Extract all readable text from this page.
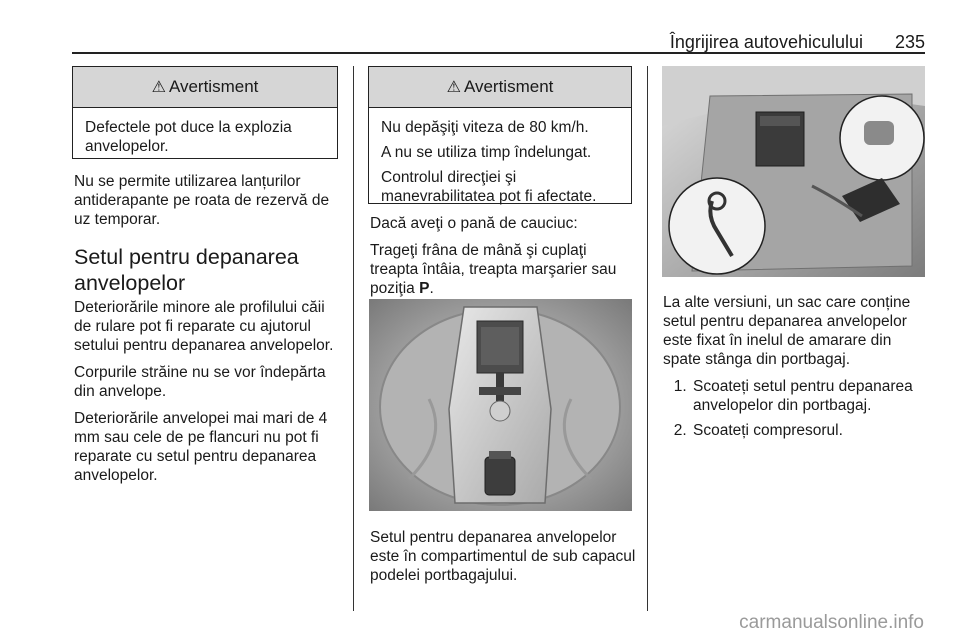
Îngrijirea autovehiculului 235
⚠ Avertisment

Defectele pot duce la explozia anvelopelor.

Nu se permite utilizarea lanțurilor antiderapante pe roata de rezervă de uz temporar.

Setul pentru depanarea anvelopelor

Deteriorările minore ale profilului căii de rulare pot fi reparate cu ajutorul setului pentru depanarea anvelopelor.

Corpurile străine nu se vor îndepărta din anvelope.

Deteriorările anvelopei mai mari de 4 mm sau cele de pe flancuri nu pot fi reparate cu setul pentru depanarea anvelopelor.

⚠ Avertisment

Nu depăşiţi viteza de 80 km/h.

A nu se utiliza timp îndelungat.

Controlul direcţiei şi manevrabilitatea pot fi afectate.

Dacă aveţi o pană de cauciuc:

Trageţi frâna de mână şi cuplaţi treapta întâia, treapta marşarier sau poziţia P.

Setul pentru depanarea anvelopelor este în compartimentul de sub capacul podelei portbagajului.

La alte versiuni, un sac care conține setul pentru depanarea anvelopelor este fixat în inelul de amarare din spate stânga din portbagaj.

1. Scoateți setul pentru depanarea anvelopelor din portbagaj.
2. Scoateți compresorul.
carmanualsonline.info
